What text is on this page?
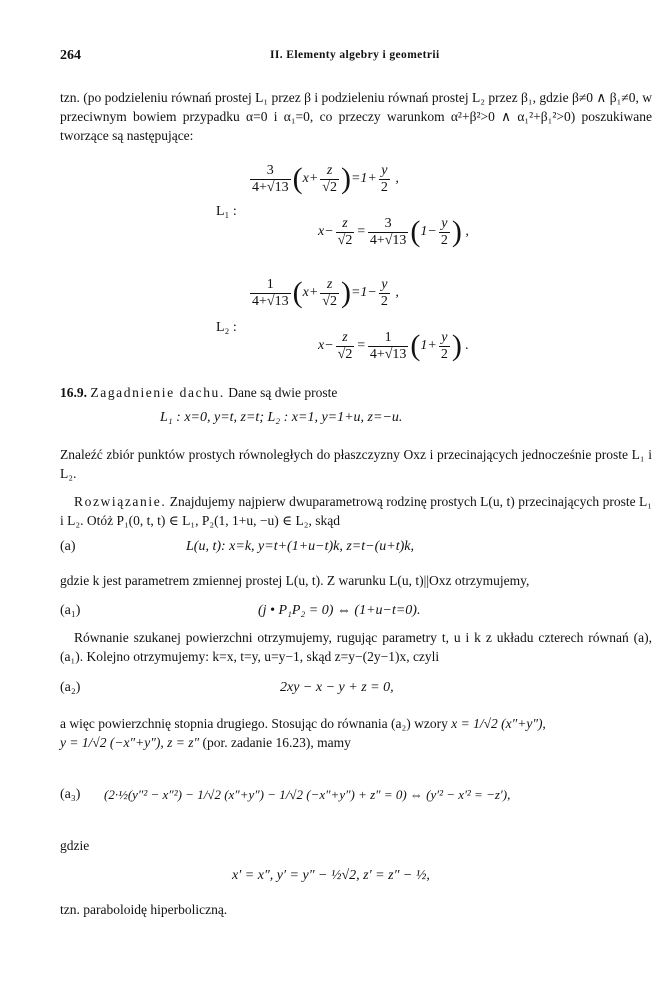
264	II. Elementy algebry i geometrii
tzn. (po podzieleniu równań prostej L₁ przez β i podzieleniu równań prostej L₂ przez β₁, gdzie β≠0 ∧ β₁≠0, w przeciwnym bowiem przypadku α=0 i α₁=0, co przeczy warunkom α²+β²>0 ∧ α₁²+β₁²>0) poszukiwane tworzące są następujące:
L₁ :
$\frac{3}{4+√13} (x+ \frac{z}{√2} )=1+ \frac{y}{2}$ ,
$x- \frac{z}{√2} = \frac{3}{4+√13} (1- \frac{y}{2}$ ) ,
L₂ :
$\frac{1}{4+√13} (x+ \frac{z}{√2} )=1- \frac{y}{2}$ ,
$x- \frac{z}{√2} = \frac{1}{4+√13} (1+ \frac{y}{2}$ ) .
16.9. Zagadnienie dachu. Dane są dwie proste
L₁ : x=0, y=t, z=t; L₂ : x=1, y=1+u, z=−u.
Znaleźć zbiór punktów prostych równoległych do płaszczyzny Oxz i przecinających jednocześnie proste L₁ i L₂.
Rozwiązanie. Znajdujemy najpierw dwuparametrową rodzinę prostych L(u, t) przecinających proste L₁ i L₂. Otóż P₁(0, t, t) ∈ L₁, P₂(1, 1+u, −u) ∈ L₂, skąd
(a)	L(u, t): x=k, y=t+(1+u−t)k, z=t−(u+t)k,
gdzie k jest parametrem zmiennej prostej L(u, t). Z warunku L(u, t)||Oxz otrzymujemy,
(a₁)	(j • P₁P₂ = 0) ⇔ (1+u−t=0).
Równanie szukanej powierzchni otrzymujemy, rugując parametry t, u i k z układu czterech równań (a), (a₁). Kolejno otrzymujemy: k=x, t=y, u=y−1, skąd z=y−(2y−1)x, czyli
(a₂)	2xy − x − y + z = 0,
a więc powierzchnię stopnia drugiego. Stosując do równania (a₂) wzory x = 1/√2 (x″+y″),
y = 1/√2 (−x″+y″), z = z″ (por. zadanie 16.23), mamy
(a₃) (2·½(y″² − x″²) − 1/√2 (x″+y″) − 1/√2 (−x″+y″) + z″ = 0) ⇔ (y′² − x′² = −z′),
gdzie
x′ = x″, y′ = y″ − ½√2, z′ = z″ − ½,
tzn. paraboloidę hiperboliczną.
